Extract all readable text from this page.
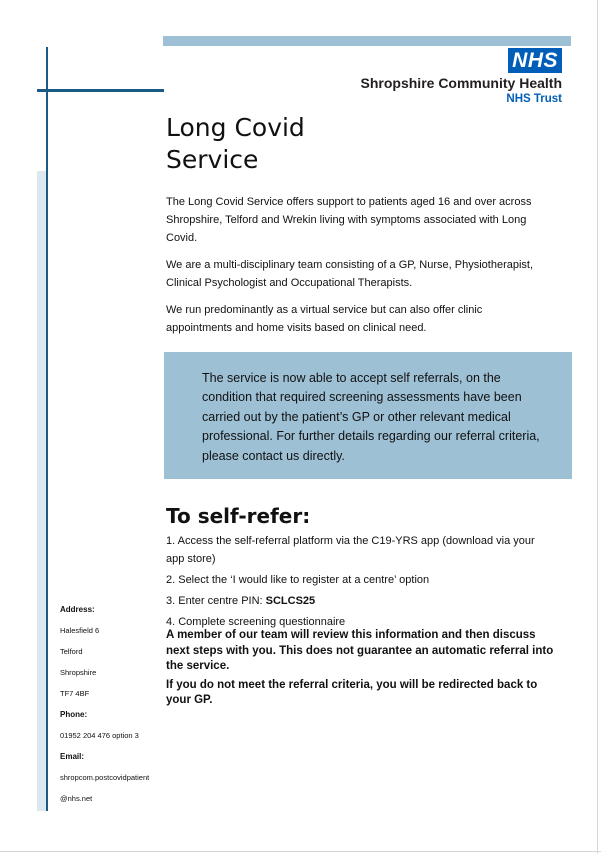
NHS
Shropshire Community Health
NHS Trust
Long Covid
Service

The Long Covid Service offers support to patients aged 16 and over across Shropshire, Telford and Wrekin living with symptoms associated with Long Covid.

We are a multi-disciplinary team consisting of a GP, Nurse, Physiotherapist, Clinical Psychologist and Occupational Therapists.

We run predominantly as a virtual service but can also offer clinic appointments and home visits based on clinical need.

The service is now able to accept self referrals, on the condition that required screening assessments have been carried out by the patient’s GP or other relevant medical professional. For further details regarding our referral criteria, please contact us directly.

To self-refer:
1. Access the self-referral platform via the C19-YRS app (download via your app store)
2. Select the ‘I would like to register at a centre’ option
3. Enter centre PIN: SCLCS25
4. Complete screening questionnaire

A member of our team will review this information and then discuss next steps with you. This does not guarantee an automatic referral into the service.

If you do not meet the referral criteria, you will be redirected back to your GP.

Address:
Halesfield 6
Telford
Shropshire
TF7 4BF
Phone:
01952 204 476 option 3
Email:
shropcom.postcovidpatient
@nhs.net
